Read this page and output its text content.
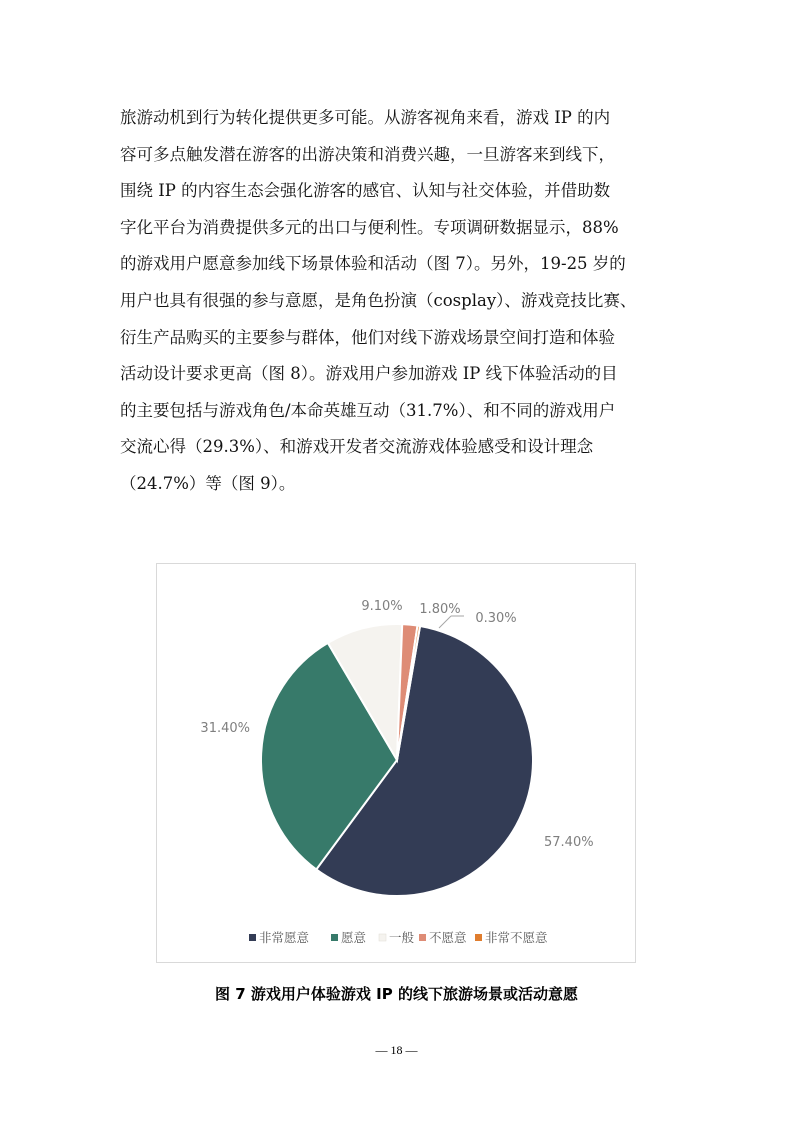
旅游动机到行为转化提供更多可能。从游客视角来看，游戏 IP 的内
容可多点触发潜在游客的出游决策和消费兴趣，一旦游客来到线下，
围绕 IP 的内容生态会强化游客的感官、认知与社交体验，并借助数
字化平台为消费提供多元的出口与便利性。专项调研数据显示，88%
的游戏用户愿意参加线下场景体验和活动（图 7）。另外，19-25 岁的
用户也具有很强的参与意愿，是角色扮演（cosplay）、游戏竞技比赛、
衍生产品购买的主要参与群体，他们对线下游戏场景空间打造和体验
活动设计要求更高（图 8）。游戏用户参加游戏 IP 线下体验活动的目
的主要包括与游戏角色/本命英雄互动（31.7%）、和不同的游戏用户
交流心得（29.3%）、和游戏开发者交流游戏体验感受和设计理念
（24.7%）等（图 9）。
57.40%
31.40%
9.10% 1.80%
0.30%
非常愿意	愿意 一般 不愿意 非常不愿意
图 7 游戏用户体验游戏 IP 的线下旅游场景或活动意愿
— 18 —
